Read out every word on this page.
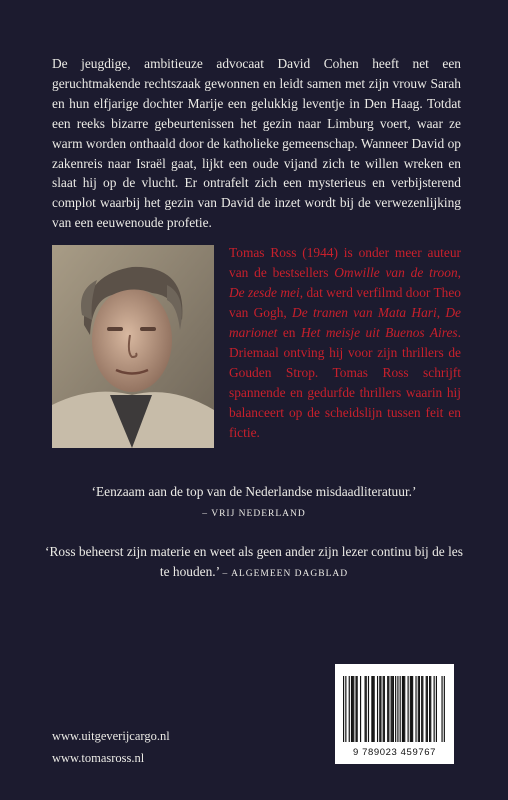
De jeugdige, ambitieuze advocaat David Cohen heeft net een geruchtmakende rechtszaak gewonnen en leidt samen met zijn vrouw Sarah en hun elfjarige dochter Marije een gelukkig leventje in Den Haag. Totdat een reeks bizarre gebeurtenissen het gezin naar Limburg voert, waar ze warm worden onthaald door de katholieke gemeenschap. Wanneer David op zakenreis naar Israël gaat, lijkt een oude vijand zich te willen wreken en slaat hij op de vlucht. Er ontrafelt zich een mysterieus en verbijsterend complot waarbij het gezin van David de inzet wordt bij de verwezenlijking van een eeuwenoude profetie.

Tomas Ross (1944) is onder meer auteur van de bestsellers Omwille van de troon, De zesde mei, dat werd verfilmd door Theo van Gogh, De tranen van Mata Hari, De marionet en Het meisje uit Buenos Aires. Driemaal ontving hij voor zijn thrillers de Gouden Strop. Tomas Ross schrijft spannende en gedurfde thrillers waarin hij balanceert op de scheidslijn tussen feit en fictie.

‘Eenzaam aan de top van de Nederlandse misdaadliteratuur.’
– VRIJ NEDERLAND

‘Ross beheerst zijn materie en weet als geen ander zijn lezer continu bij de les te houden.’ – ALGEMEEN DAGBLAD

www.uitgeverijcargo.nl
www.tomasross.nl	9 789023 459767
